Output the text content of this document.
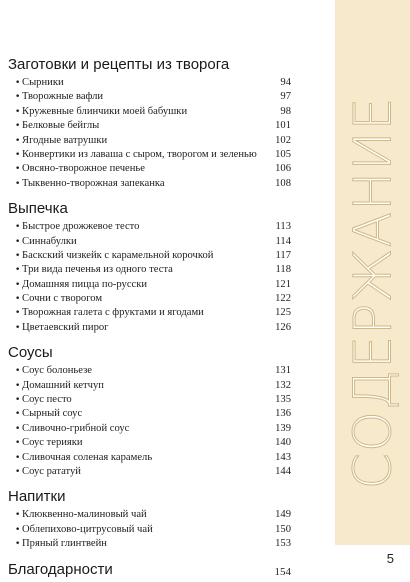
СОДЕРЖАНИЕ
Заготовки и рецепты из творога
• Сырники	94
• Творожные вафли	97
• Кружевные блинчики моей бабушки	98
• Белковые бейглы	101
• Ягодные ватрушки	102
• Конвертики из лаваша с сыром, творогом и зеленью 105
• Овсяно-творожное печенье	106
• Тыквенно-творожная запеканка	108
Выпечка
• Быстрое дрожжевое тесто	113
• Синнабулки	114
• Баскский чизкейк с карамельной корочкой	117
• Три вида печенья из одного теста	118
• Домашняя пицца по-русски	121
• Сочни с творогом	122
• Творожная галета с фруктами и ягодами	125
• Цветаевский пирог	126
Соусы
• Соус болоньезе	131
• Домашний кетчуп	132
• Соус песто	135
• Сырный соус	136
• Сливочно-грибной соус	139
• Соус терияки	140
• Сливочная соленая карамель	143
• Соус рататуй	144
Напитки
• Клюквенно-малиновый чай	149
• Облепихово-цитрусовый чай	150
• Пряный глинтвейн	153
Благодарности	154
5
